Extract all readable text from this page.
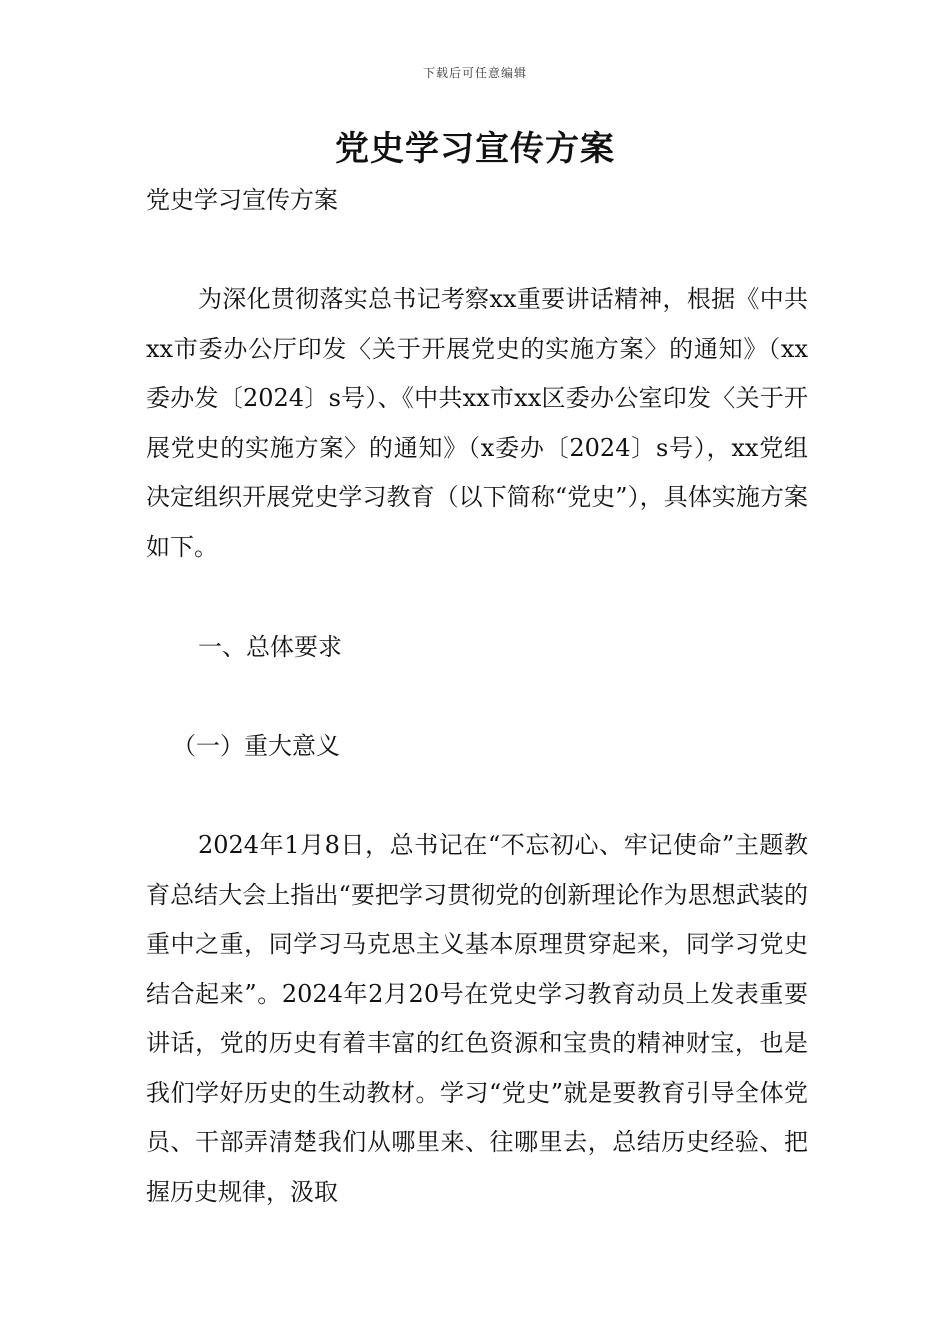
下载后可任意编辑
党史学习宣传方案

党史学习宣传方案

为深化贯彻落实总书记考察xx重要讲话精神，根据《中共xx市委办公厅印发〈关于开展党史的实施方案〉的通知》（xx委办发〔2024〕s号）、《中共xx市xx区委办公室印发〈关于开展党史的实施方案〉的通知》（x委办〔2024〕s号），xx党组决定组织开展党史学习教育（以下简称“党史”），具体实施方案如下。

一、总体要求

（一）重大意义

2024年1月8日，总书记在“不忘初心、牢记使命”主题教育总结大会上指出“要把学习贯彻党的创新理论作为思想武装的重中之重，同学习马克思主义基本原理贯穿起来，同学习党史结合起来”。2024年2月20号在党史学习教育动员上发表重要讲话，党的历史有着丰富的红色资源和宝贵的精神财宝，也是我们学好历史的生动教材。学习“党史”就是要教育引导全体党员、干部弄清楚我们从哪里来、往哪里去，总结历史经验、把握历史规律，汲取
